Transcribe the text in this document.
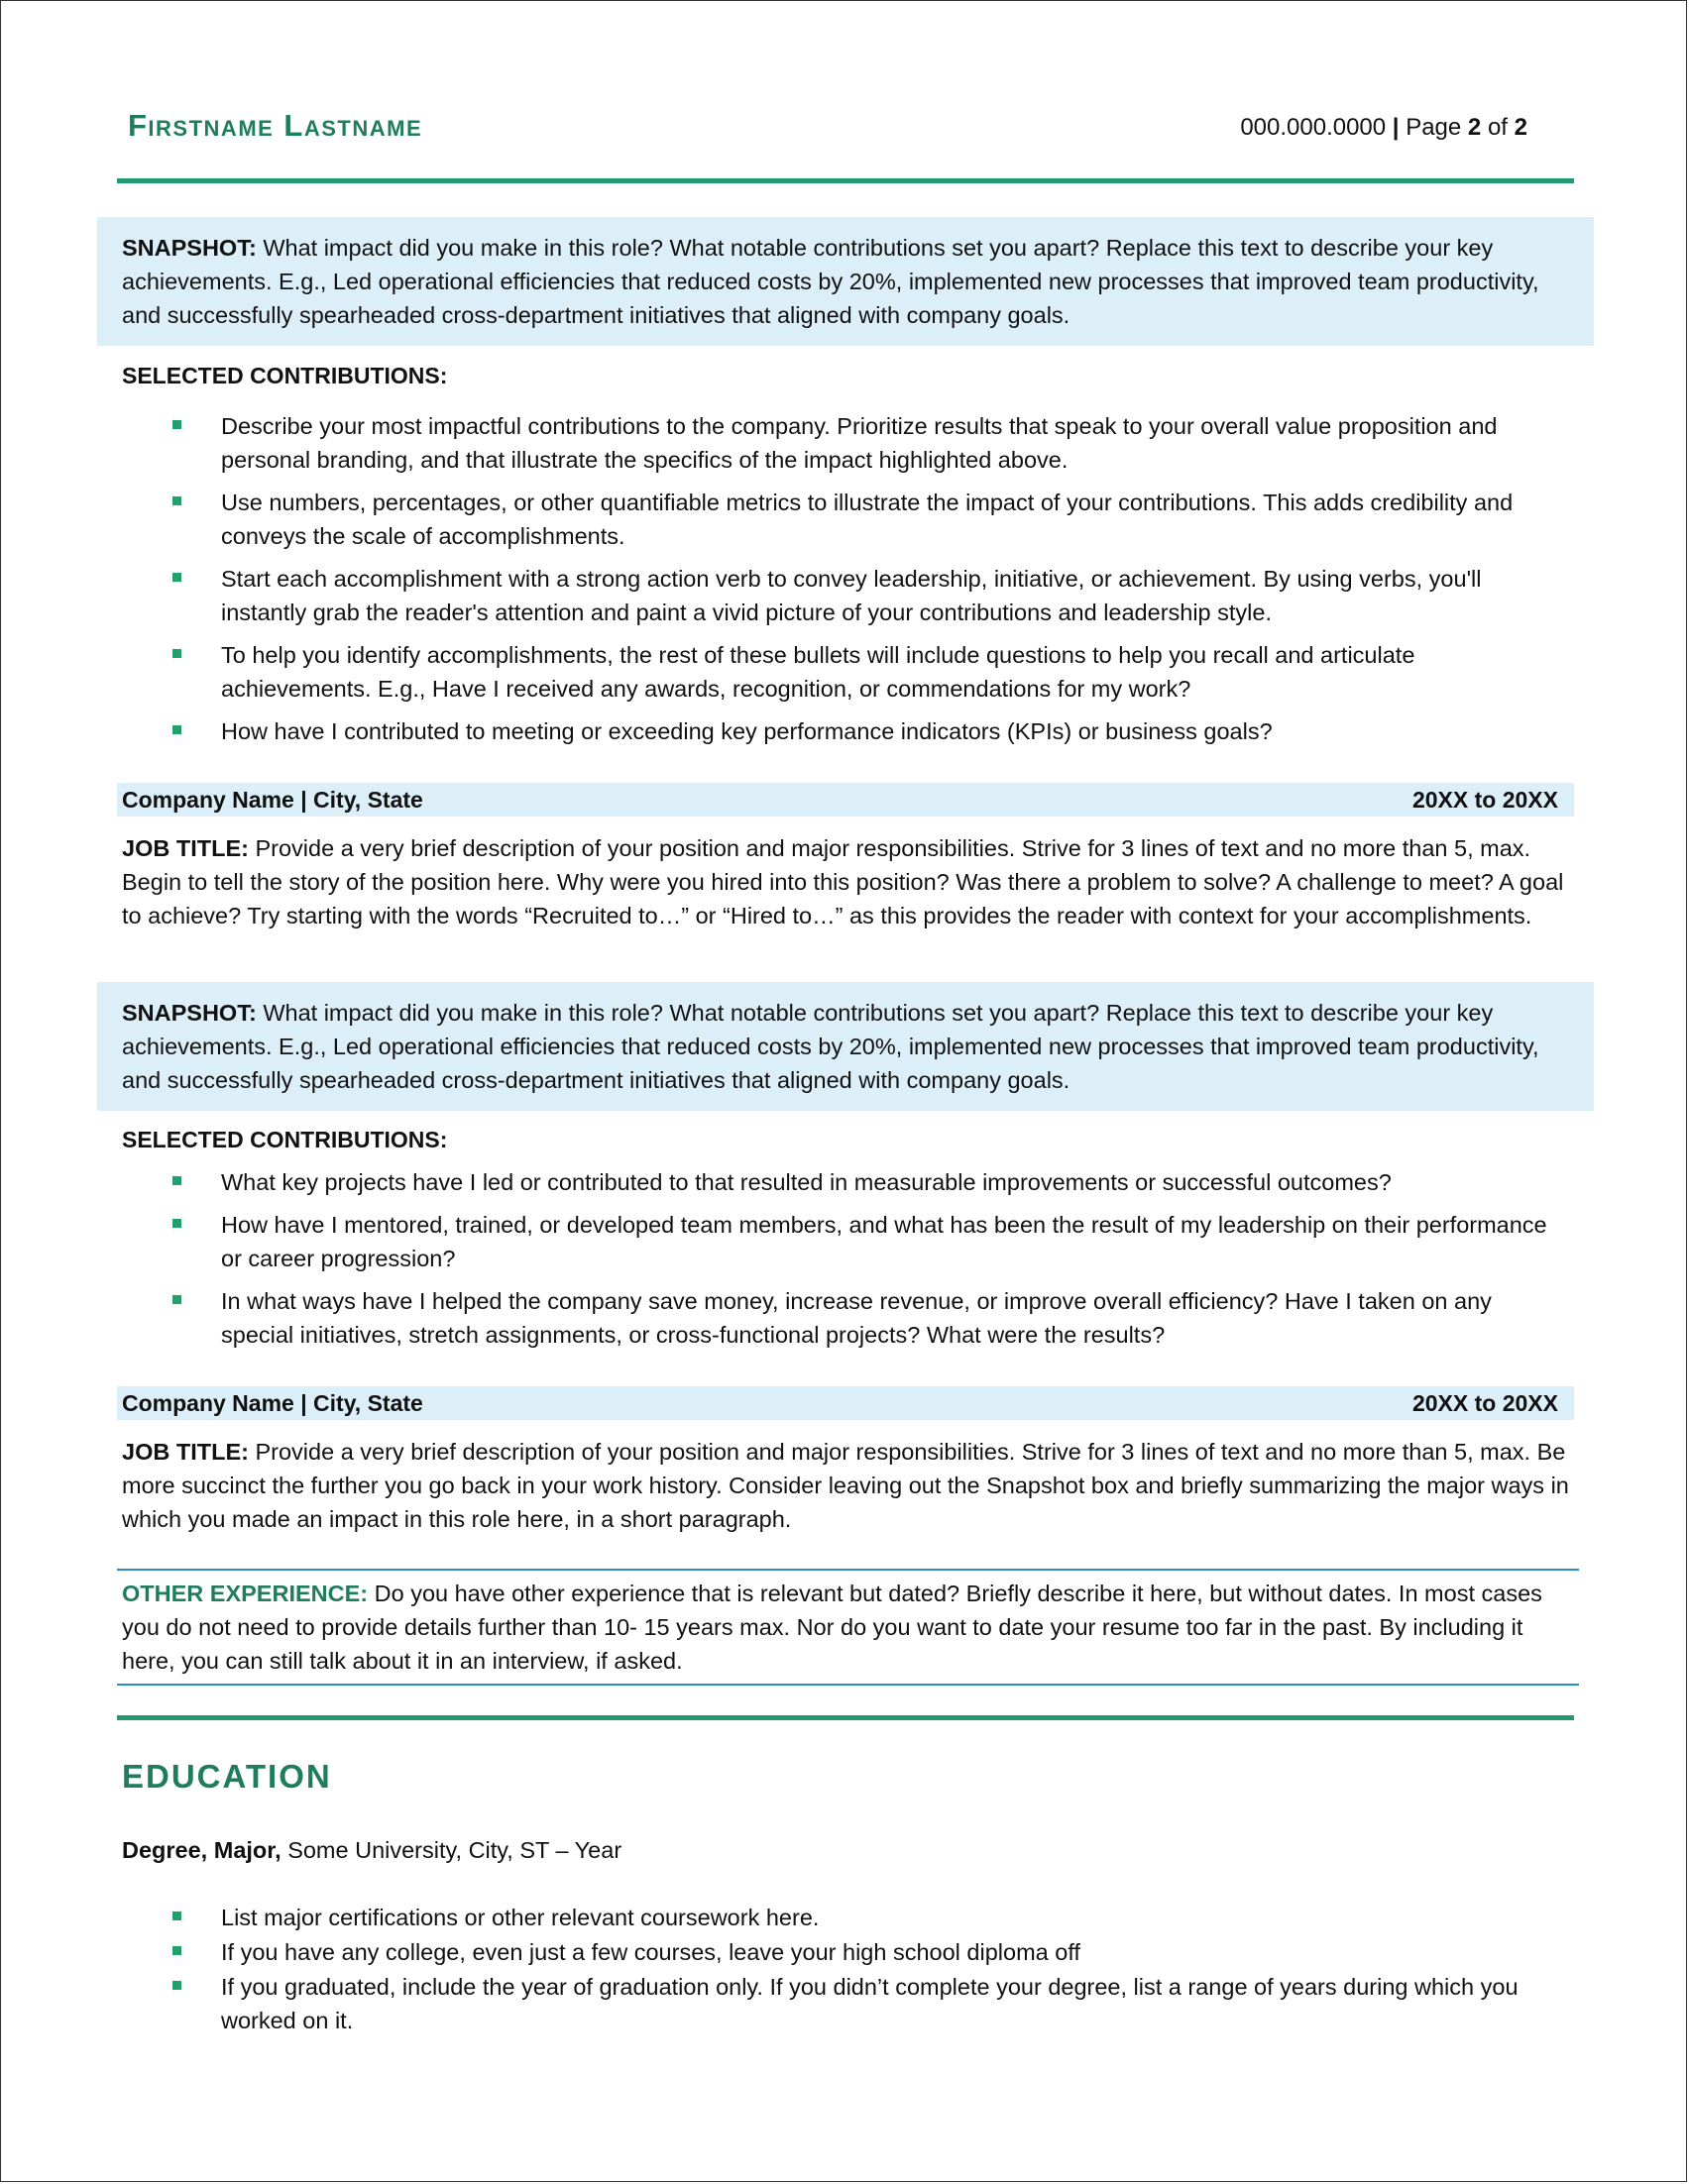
Firstname Lastname	000.000.0000 | Page 2 of 2
SNAPSHOT: What impact did you make in this role? What notable contributions set you apart? Replace this text to describe your key achievements. E.g., Led operational efficiencies that reduced costs by 20%, implemented new processes that improved team productivity, and successfully spearheaded cross-department initiatives that aligned with company goals.
SELECTED CONTRIBUTIONS:
Describe your most impactful contributions to the company. Prioritize results that speak to your overall value proposition and personal branding, and that illustrate the specifics of the impact highlighted above.
Use numbers, percentages, or other quantifiable metrics to illustrate the impact of your contributions. This adds credibility and conveys the scale of accomplishments.
Start each accomplishment with a strong action verb to convey leadership, initiative, or achievement. By using verbs, you'll instantly grab the reader's attention and paint a vivid picture of your contributions and leadership style.
To help you identify accomplishments, the rest of these bullets will include questions to help you recall and articulate achievements. E.g., Have I received any awards, recognition, or commendations for my work?
How have I contributed to meeting or exceeding key performance indicators (KPIs) or business goals?
Company Name | City, State	20XX to 20XX
JOB TITLE: Provide a very brief description of your position and major responsibilities. Strive for 3 lines of text and no more than 5, max. Begin to tell the story of the position here. Why were you hired into this position? Was there a problem to solve? A challenge to meet? A goal to achieve? Try starting with the words “Recruited to…” or “Hired to…” as this provides the reader with context for your accomplishments.
SNAPSHOT: What impact did you make in this role? What notable contributions set you apart? Replace this text to describe your key achievements. E.g., Led operational efficiencies that reduced costs by 20%, implemented new processes that improved team productivity, and successfully spearheaded cross-department initiatives that aligned with company goals.
SELECTED CONTRIBUTIONS:
What key projects have I led or contributed to that resulted in measurable improvements or successful outcomes?
How have I mentored, trained, or developed team members, and what has been the result of my leadership on their performance or career progression?
In what ways have I helped the company save money, increase revenue, or improve overall efficiency? Have I taken on any special initiatives, stretch assignments, or cross-functional projects? What were the results?
Company Name | City, State	20XX to 20XX
JOB TITLE: Provide a very brief description of your position and major responsibilities. Strive for 3 lines of text and no more than 5, max. Be more succinct the further you go back in your work history. Consider leaving out the Snapshot box and briefly summarizing the major ways in which you made an impact in this role here, in a short paragraph.
OTHER EXPERIENCE: Do you have other experience that is relevant but dated? Briefly describe it here, but without dates. In most cases you do not need to provide details further than 10- 15 years max. Nor do you want to date your resume too far in the past. By including it here, you can still talk about it in an interview, if asked.
EDUCATION
Degree, Major, Some University, City, ST – Year
List major certifications or other relevant coursework here.
If you have any college, even just a few courses, leave your high school diploma off
If you graduated, include the year of graduation only. If you didn’t complete your degree, list a range of years during which you worked on it.
